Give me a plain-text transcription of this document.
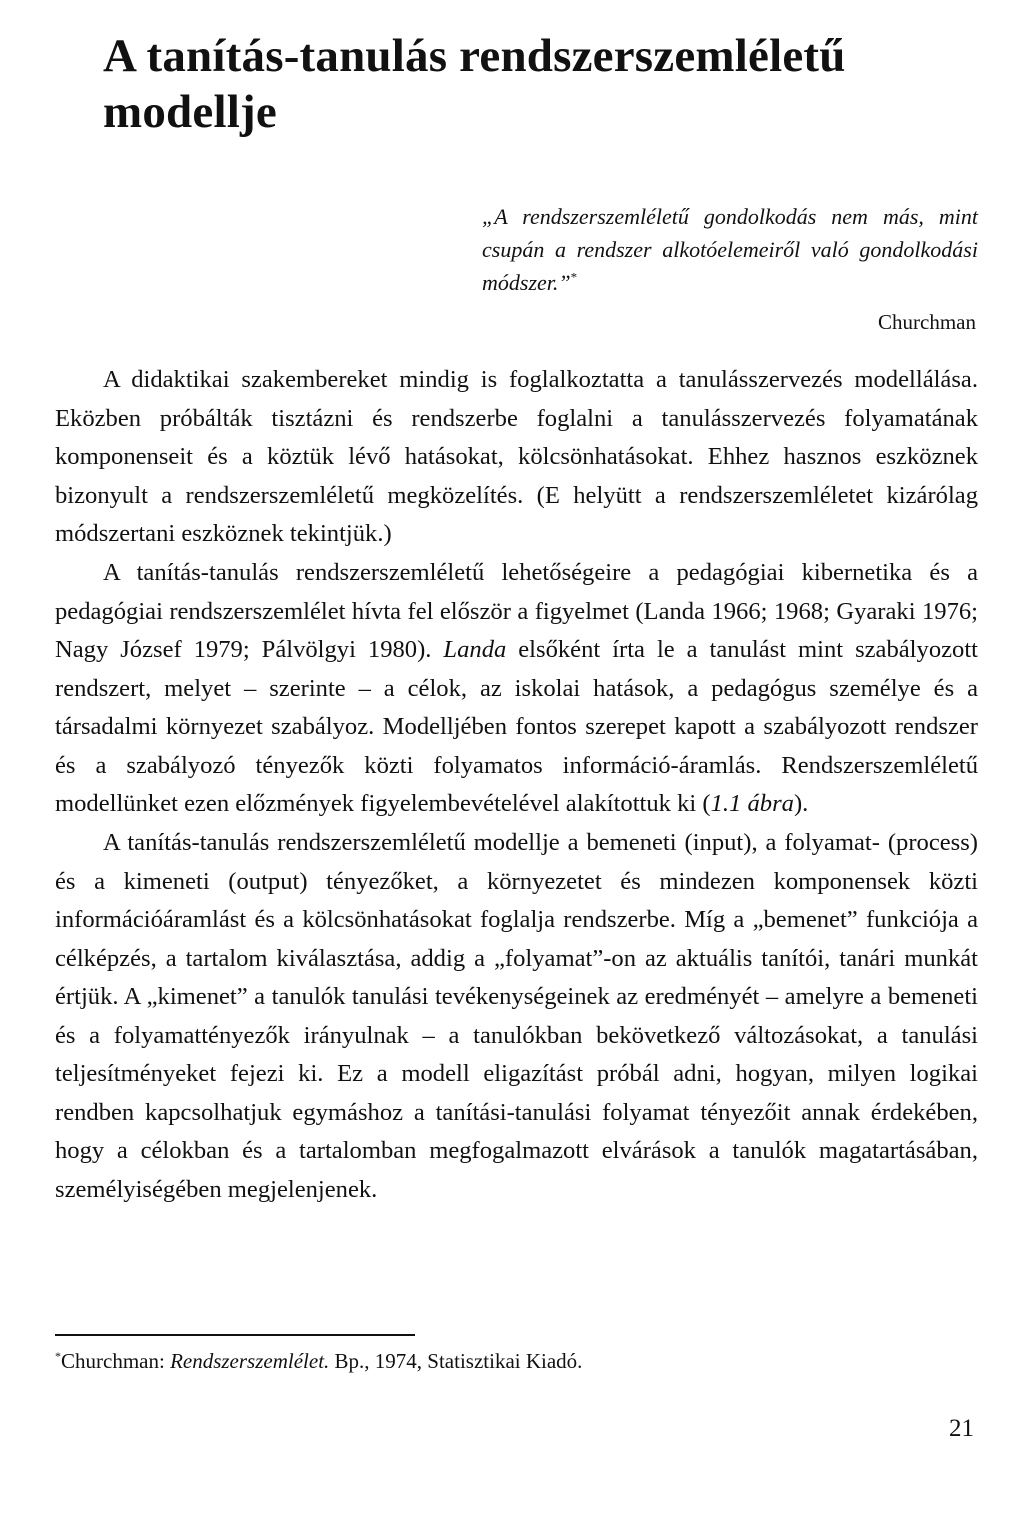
A tanítás-tanulás rendszerszemléletű modellje

„A rendszerszemléletű gondolkodás nem más, mint csupán a rendszer alkotóelemeiről való gondolkodási módszer.”*

Churchman

A didaktikai szakembereket mindig is foglalkoztatta a tanulásszervezés modellálása. Eközben próbálták tisztázni és rendszerbe foglalni a tanulásszervezés folyamatának komponenseit és a köztük lévő hatásokat, kölcsönhatásokat. Ehhez hasznos eszköznek bizonyult a rendszerszemléletű megközelítés. (E helyütt a rendszerszemléletet kizárólag módszertani eszköznek tekintjük.)

A tanítás-tanulás rendszerszemléletű lehetőségeire a pedagógiai kibernetika és a pedagógiai rendszerszemlélet hívta fel először a figyelmet (Landa 1966; 1968; Gyaraki 1976; Nagy József 1979; Pálvölgyi 1980). Landa elsőként írta le a tanulást mint szabályozott rendszert, melyet – szerinte – a célok, az iskolai hatások, a pedagógus személye és a társadalmi környezet szabályoz. Modelljében fontos szerepet kapott a szabályozott rendszer és a szabályozó tényezők közti folyamatos információ-áramlás. Rendszerszemléletű modellünket ezen előzmények figyelembevételével alakítottuk ki (1.1 ábra).

A tanítás-tanulás rendszerszemléletű modellje a bemeneti (input), a folyamat- (process) és a kimeneti (output) tényezőket, a környezetet és mindezen komponensek közti információáramlást és a kölcsönhatásokat foglalja rendszerbe. Míg a „bemenet” funkciója a célképzés, a tartalom kiválasztása, addig a „folyamat”-on az aktuális tanítói, tanári munkát értjük. A „kimenet” a tanulók tanulási tevékenységeinek az eredményét – amelyre a bemeneti és a folyamattényezők irányulnak – a tanulókban bekövetkező változásokat, a tanulási teljesítményeket fejezi ki. Ez a modell eligazítást próbál adni, hogyan, milyen logikai rendben kapcsolhatjuk egymáshoz a tanítási-tanulási folyamat tényezőit annak érdekében, hogy a célokban és a tartalomban megfogalmazott elvárások a tanulók magatartásában, személyiségében megjelenjenek.

*Churchman: Rendszerszemlélet. Bp., 1974, Statisztikai Kiadó.

21
